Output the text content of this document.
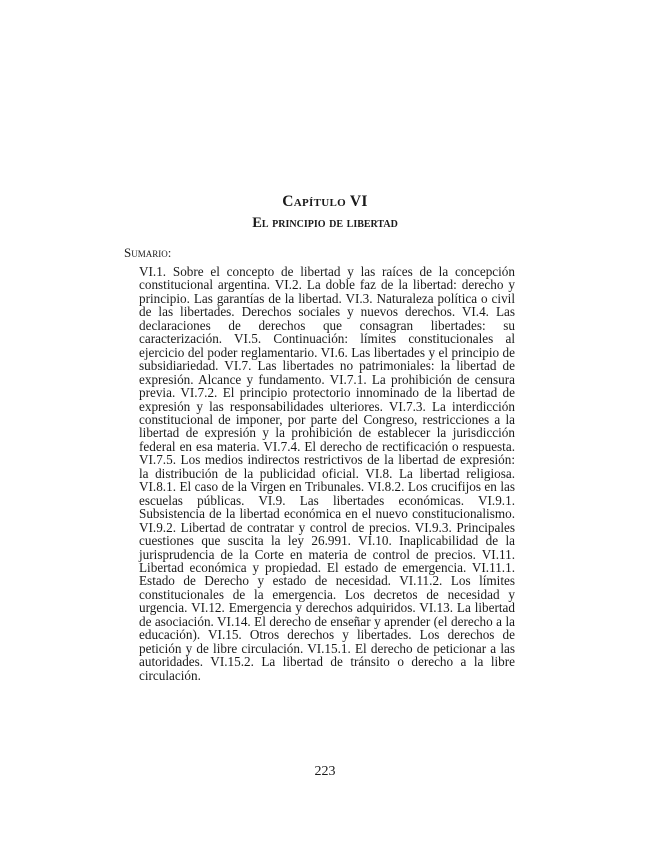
Capítulo VI
El principio de libertad
Sumario:
VI.1. Sobre el concepto de libertad y las raíces de la concepción constitucional argentina. VI.2. La doble faz de la libertad: derecho y principio. Las garantías de la libertad. VI.3. Naturaleza política o civil de las libertades. Derechos sociales y nuevos derechos. VI.4. Las declaraciones de derechos que consagran libertades: su caracterización. VI.5. Continuación: límites constitucionales al ejercicio del poder reglamentario. VI.6. Las libertades y el principio de subsidiariedad. VI.7. Las libertades no patrimoniales: la libertad de expresión. Alcance y fundamento. VI.7.1. La prohibición de censura previa. VI.7.2. El principio protectorio innominado de la libertad de expresión y las responsabilidades ulteriores. VI.7.3. La interdicción constitucional de imponer, por parte del Congreso, restricciones a la libertad de expresión y la prohibición de establecer la jurisdicción federal en esa materia. VI.7.4. El derecho de rectificación o respuesta. VI.7.5. Los medios indirectos restrictivos de la libertad de expresión: la distribución de la publicidad oficial. VI.8. La libertad religiosa. VI.8.1. El caso de la Virgen en Tribunales. VI.8.2. Los crucifijos en las escuelas públicas. VI.9. Las libertades económicas. VI.9.1. Subsistencia de la libertad económica en el nuevo constitucionalismo. VI.9.2. Libertad de contratar y control de precios. VI.9.3. Principales cuestiones que suscita la ley 26.991. VI.10. Inaplicabilidad de la jurisprudencia de la Corte en materia de control de precios. VI.11. Libertad económica y propiedad. El estado de emergencia. VI.11.1. Estado de Derecho y estado de necesidad. VI.11.2. Los límites constitucionales de la emergencia. Los decretos de necesidad y urgencia. VI.12. Emergencia y derechos adquiridos. VI.13. La libertad de asociación. VI.14. El derecho de enseñar y aprender (el derecho a la educación). VI.15. Otros derechos y libertades. Los derechos de petición y de libre circulación. VI.15.1. El derecho de peticionar a las autoridades. VI.15.2. La libertad de tránsito o derecho a la libre circulación.
223
